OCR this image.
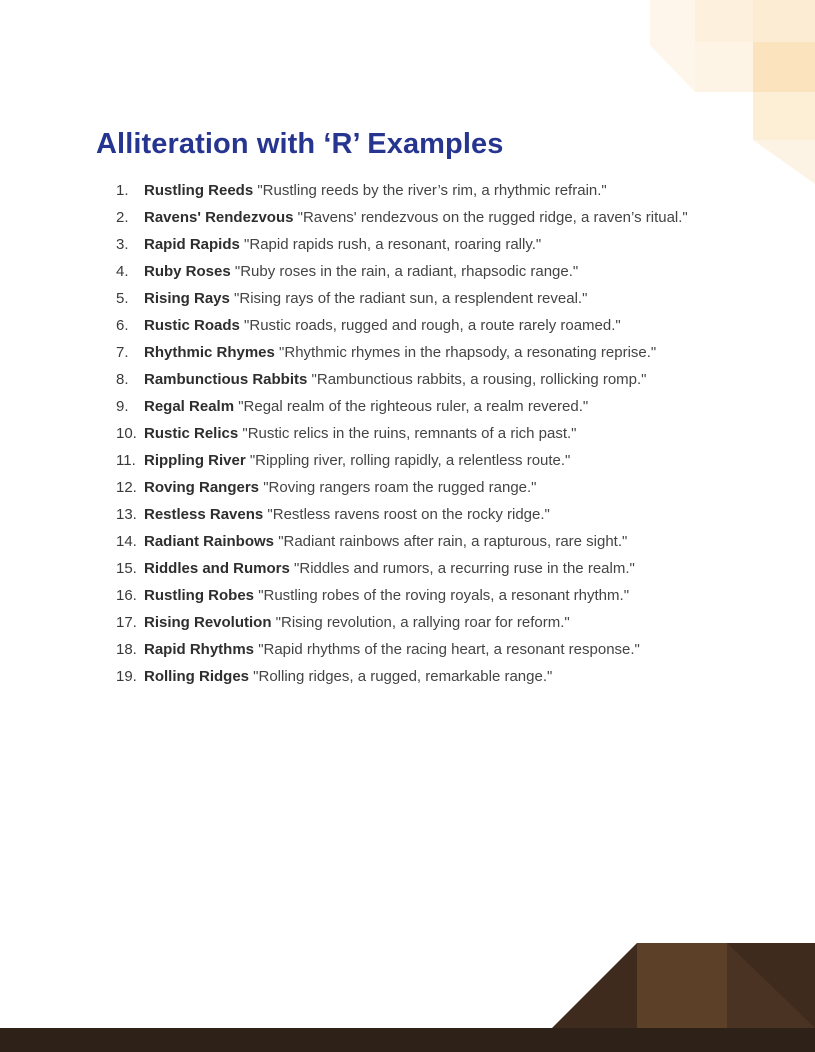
Alliteration with ‘R’ Examples
1.	Rustling Reeds "Rustling reeds by the river’s rim, a rhythmic refrain."
2.	Ravens' Rendezvous "Ravens' rendezvous on the rugged ridge, a raven’s ritual."
3.	Rapid Rapids "Rapid rapids rush, a resonant, roaring rally."
4.	Ruby Roses "Ruby roses in the rain, a radiant, rhapsodic range."
5.	Rising Rays "Rising rays of the radiant sun, a resplendent reveal."
6.	Rustic Roads "Rustic roads, rugged and rough, a route rarely roamed."
7.	Rhythmic Rhymes "Rhythmic rhymes in the rhapsody, a resonating reprise."
8.	Rambunctious Rabbits "Rambunctious rabbits, a rousing, rollicking romp."
9.	Regal Realm "Regal realm of the righteous ruler, a realm revered."
10. Rustic Relics "Rustic relics in the ruins, remnants of a rich past."
11. Rippling River "Rippling river, rolling rapidly, a relentless route."
12. Roving Rangers "Roving rangers roam the rugged range."
13. Restless Ravens "Restless ravens roost on the rocky ridge."
14. Radiant Rainbows "Radiant rainbows after rain, a rapturous, rare sight."
15. Riddles and Rumors "Riddles and rumors, a recurring ruse in the realm."
16. Rustling Robes "Rustling robes of the roving royals, a resonant rhythm."
17. Rising Revolution "Rising revolution, a rallying roar for reform."
18. Rapid Rhythms "Rapid rhythms of the racing heart, a resonant response."
19. Rolling Ridges "Rolling ridges, a rugged, remarkable range."
